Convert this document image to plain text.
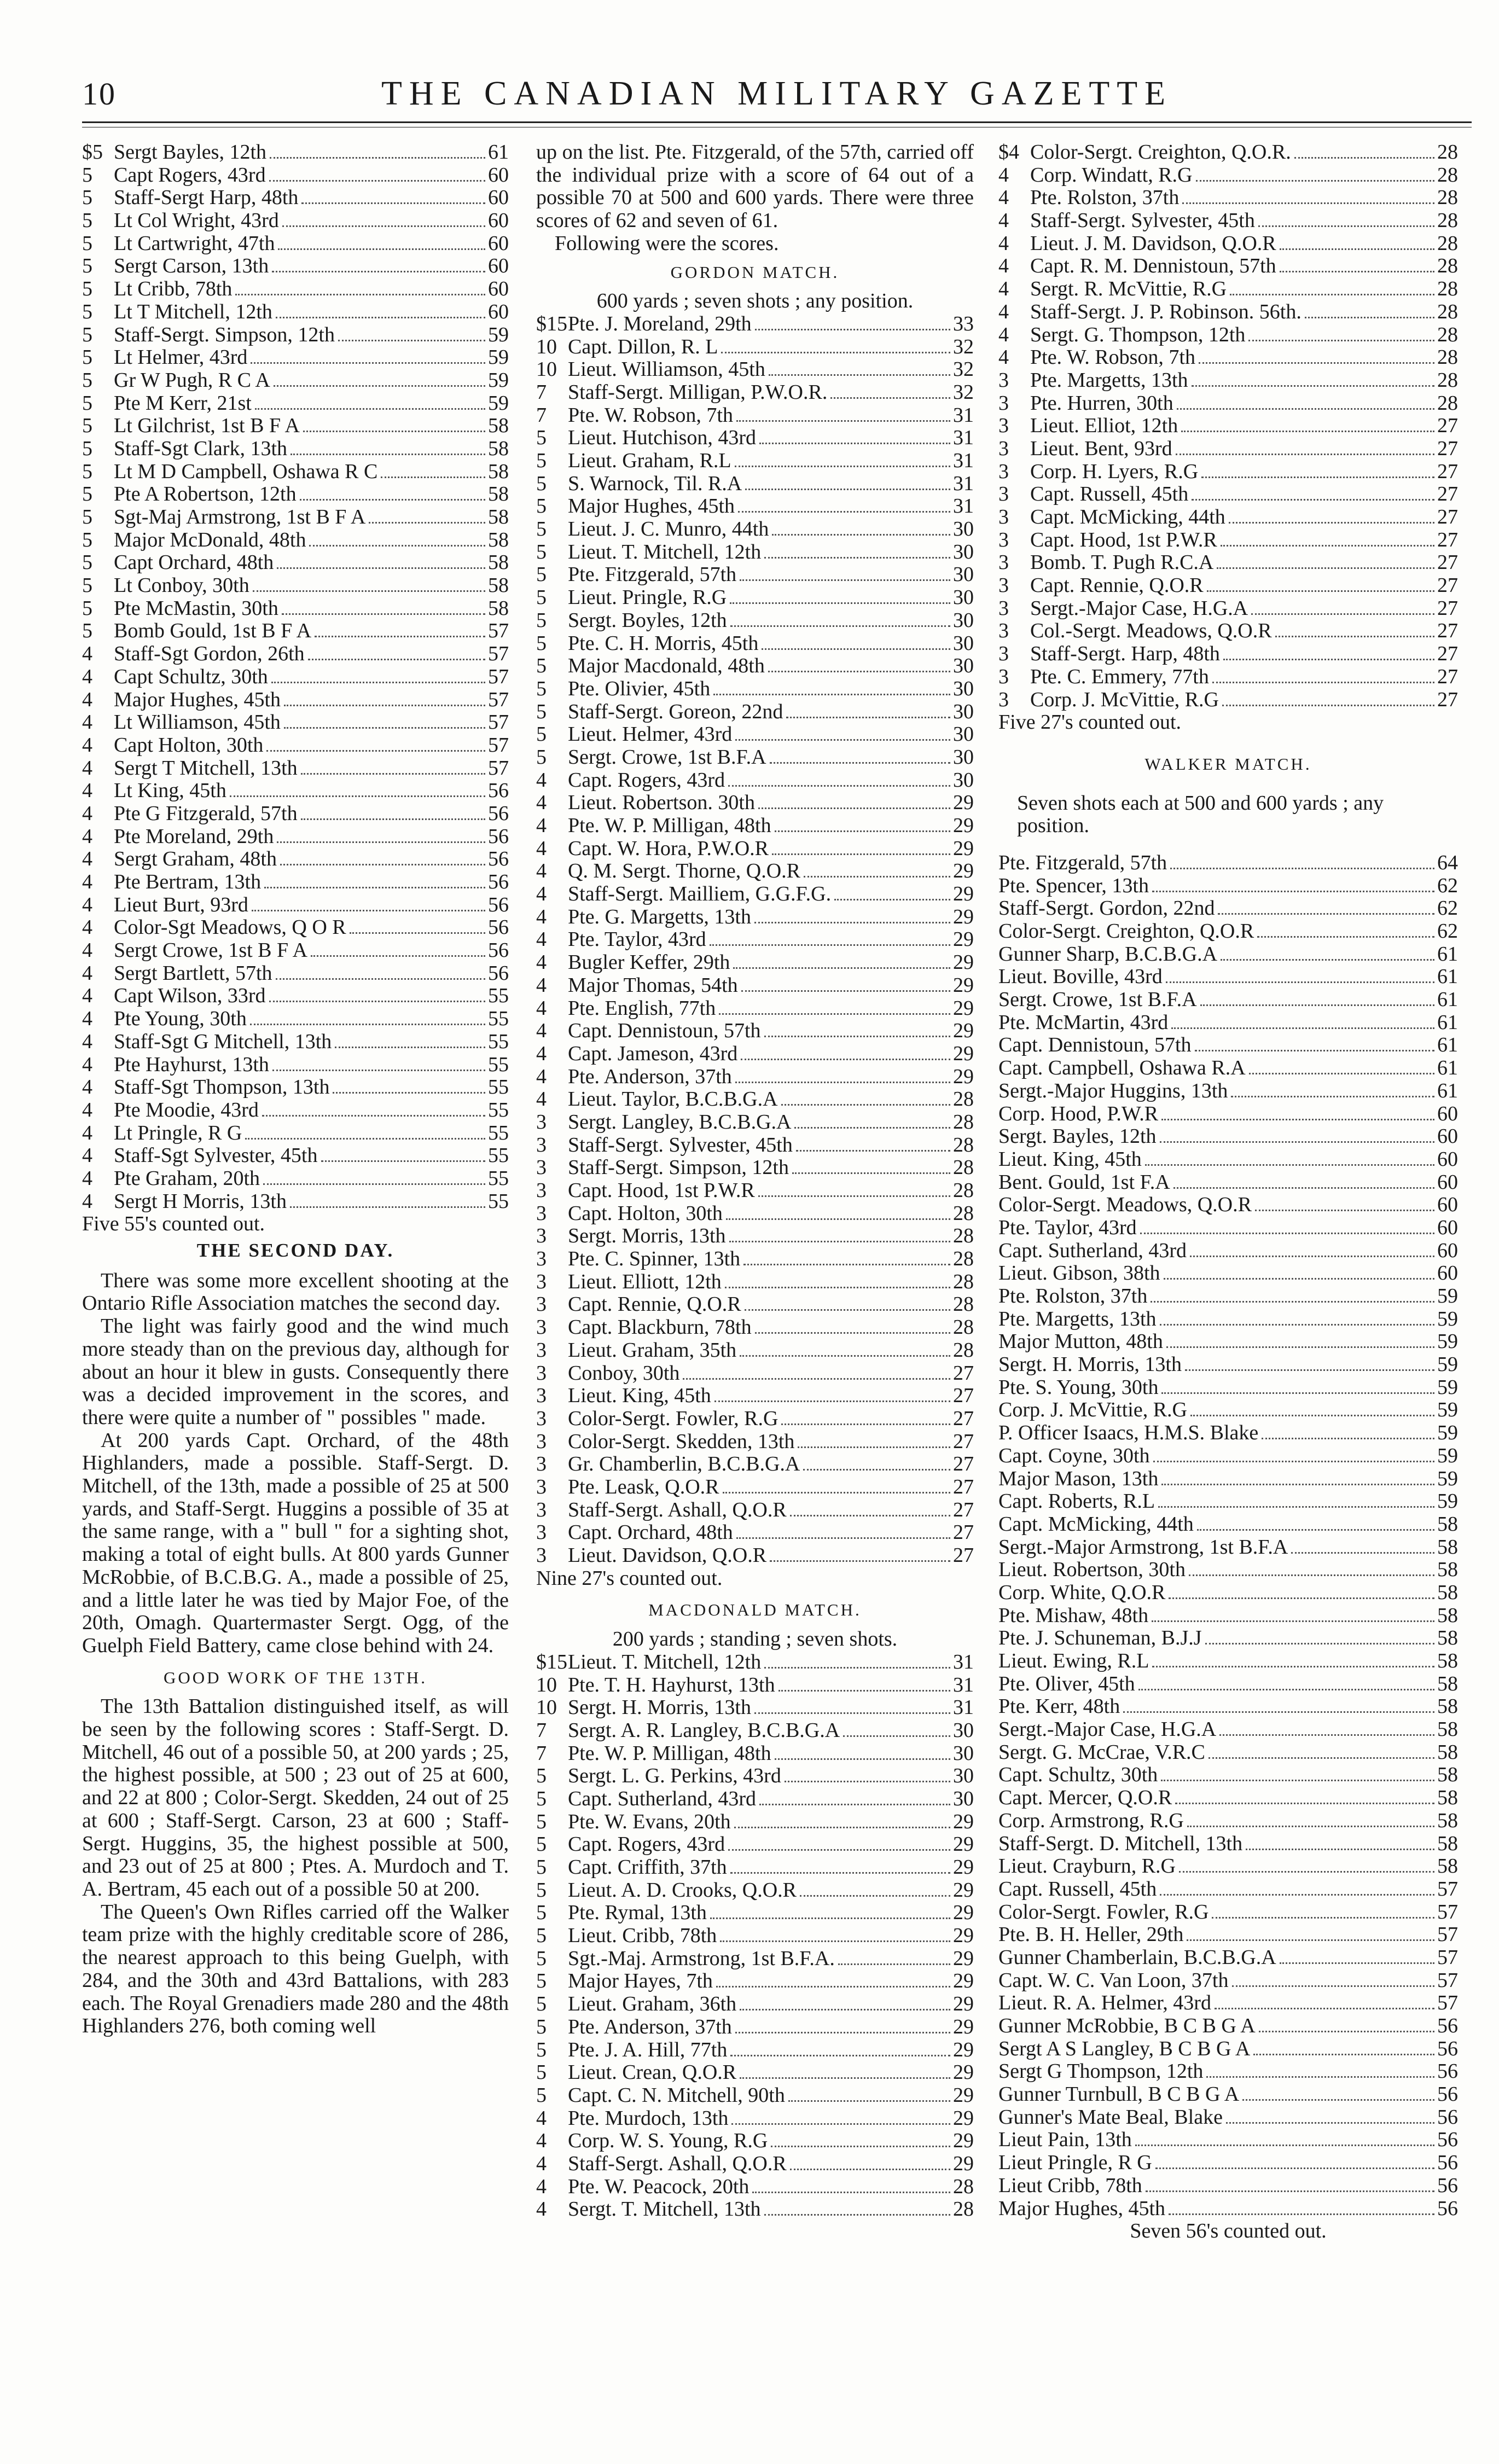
10	THE CANADIAN MILITARY GAZETTE
$5 Sergt Bayles, 12th	61
5	Capt Rogers, 43rd	60
5	Staff-Sergt Harp, 48th	60
5	Lt Col Wright, 43rd	60
5	Lt Cartwright, 47th	60
5	Sergt Carson, 13th	60
5	Lt Cribb, 78th	60
5	Lt T Mitchell, 12th	60
5	Staff-Sergt. Simpson, 12th	59
5	Lt Helmer, 43rd	59
5	Gr W Pugh, R C A	59
5	Pte M Kerr, 21st	59
5	Lt Gilchrist, 1st B F A	58
5	Staff-Sgt Clark, 13th	58
5	Lt M D Campbell, Oshawa R C	58
5	Pte A Robertson, 12th	58
5	Sgt-Maj Armstrong, 1st B F A	58
5	Major McDonald, 48th	58
5	Capt Orchard, 48th	58
5	Lt Conboy, 30th	58
5	Pte McMastin, 30th	58
5	Bomb Gould, 1st B F A	57
4	Staff-Sgt Gordon, 26th	57
4	Capt Schultz, 30th	57
4	Major Hughes, 45th	57
4	Lt Williamson, 45th	57
4	Capt Holton, 30th	57
4	Sergt T Mitchell, 13th	57
4	Lt King, 45th	56
4	Pte G Fitzgerald, 57th	56
4	Pte Moreland, 29th	56
4	Sergt Graham, 48th	56
4	Pte Bertram, 13th	56
4	Lieut Burt, 93rd	56
4	Color-Sgt Meadows, Q O R	56
4	Sergt Crowe, 1st B F A	56
4	Sergt Bartlett, 57th	56
4	Capt Wilson, 33rd	55
4	Pte Young, 30th	55
4	Staff-Sgt G Mitchell, 13th	55
4	Pte Hayhurst, 13th	55
4	Staff-Sgt Thompson, 13th	55
4	Pte Moodie, 43rd	55
4	Lt Pringle, R G	55
4	Staff-Sgt Sylvester, 45th	55
4	Pte Graham, 20th	55
4	Sergt H Morris, 13th	55
Five 55's counted out.
THE SECOND DAY.

There was some more excellent shooting at the Ontario Rifle Association matches the second day.

The light was fairly good and the wind much more steady than on the previous day, although for about an hour it blew in gusts. Consequently there was a decided improvement in the scores, and there were quite a number of " possibles " made.

At 200 yards Capt. Orchard, of the 48th Highlanders, made a possible. Staff-Sergt. D. Mitchell, of the 13th, made a possible of 25 at 500 yards, and Staff-Sergt. Huggins a possible of 35 at the same range, with a " bull " for a sighting shot, making a total of eight bulls. At 800 yards Gunner McRobbie, of B.C.B.G. A., made a possible of 25, and a little later he was tied by Major Foe, of the 20th, Omagh. Quartermaster Sergt. Ogg, of the Guelph Field Battery, came close behind with 24.

GOOD WORK OF THE 13TH.

The 13th Battalion distinguished itself, as will be seen by the following scores : Staff-Sergt. D. Mitchell, 46 out of a possible 50, at 200 yards ; 25, the highest possible, at 500 ; 23 out of 25 at 600, and 22 at 800 ; Color-Sergt. Skedden, 24 out of 25 at 600 ; Staff-Sergt. Carson, 23 at 600 ; Staff-Sergt. Huggins, 35, the highest possible at 500, and 23 out of 25 at 800 ; Ptes. A. Murdoch and T. A. Bertram, 45 each out of a possible 50 at 200.

The Queen's Own Rifles carried off the Walker team prize with the highly creditable score of 286, the nearest approach to this being Guelph, with 284, and the 30th and 43rd Battalions, with 283 each. The Royal Grenadiers made 280 and the 48th Highlanders 276, both coming well

up on the list. Pte. Fitzgerald, of the 57th, carried off the individual prize with a score of 64 out of a possible 70 at 500 and 600 yards. There were three scores of 62 and seven of 61.

Following were the scores.

GORDON MATCH.
600 yards ; seven shots ; any position.
$15 Pte. J. Moreland, 29th	33
10 Capt. Dillon, R. L	32
10 Lieut. Williamson, 45th	32
7	Staff-Sergt. Milligan, P.W.O.R.	32
7	Pte. W. Robson, 7th	31
5	Lieut. Hutchison, 43rd	31
5	Lieut. Graham, R.L	31
5	S. Warnock, Til. R.A	31
5	Major Hughes, 45th	31
5	Lieut. J. C. Munro, 44th	30
5	Lieut. T. Mitchell, 12th	30
5	Pte. Fitzgerald, 57th	30
5	Lieut. Pringle, R.G	30
5	Sergt. Boyles, 12th	30
5	Pte. C. H. Morris, 45th	30
5	Major Macdonald, 48th	30
5	Pte. Olivier, 45th	30
5	Staff-Sergt. Goreon, 22nd	30
5	Lieut. Helmer, 43rd	30
5	Sergt. Crowe, 1st B.F.A	30
4	Capt. Rogers, 43rd	30
4	Lieut. Robertson. 30th	29
4	Pte. W. P. Milligan, 48th	29
4	Capt. W. Hora, P.W.O.R	29
4	Q. M. Sergt. Thorne, Q.O.R	29
4	Staff-Sergt. Mailliem, G.G.F.G.	29
4	Pte. G. Margetts, 13th	29
4	Pte. Taylor, 43rd	29
4	Bugler Keffer, 29th	29
4	Major Thomas, 54th	29
4	Pte. English, 77th	29
4	Capt. Dennistoun, 57th	29
4	Capt. Jameson, 43rd	29
4	Pte. Anderson, 37th	29
4	Lieut. Taylor, B.C.B.G.A	28
3	Sergt. Langley, B.C.B.G.A	28
3	Staff-Sergt. Sylvester, 45th	28
3	Staff-Sergt. Simpson, 12th	28
3	Capt. Hood, 1st P.W.R	28
3	Capt. Holton, 30th	28
3	Sergt. Morris, 13th	28
3	Pte. C. Spinner, 13th	28
3	Lieut. Elliott, 12th	28
3	Capt. Rennie, Q.O.R	28
3	Capt. Blackburn, 78th	28
3	Lieut. Graham, 35th	28
3	Conboy, 30th	27
3	Lieut. King, 45th	27
3	Color-Sergt. Fowler, R.G	27
3	Color-Sergt. Skedden, 13th	27
3	Gr. Chamberlin, B.C.B.G.A	27
3	Pte. Leask, Q.O.R	27
3	Staff-Sergt. Ashall, Q.O.R	27
3	Capt. Orchard, 48th	27
3	Lieut. Davidson, Q.O.R	27
Nine 27's counted out.
MACDONALD MATCH.
200 yards ; standing ; seven shots.
$15 Lieut. T. Mitchell, 12th	31
10 Pte. T. H. Hayhurst, 13th	31
10 Sergt. H. Morris, 13th	31
7	Sergt. A. R. Langley, B.C.B.G.A	30
7	Pte. W. P. Milligan, 48th	30
5	Sergt. L. G. Perkins, 43rd	30
5	Capt. Sutherland, 43rd	30
5	Pte. W. Evans, 20th	29
5	Capt. Rogers, 43rd	29
5	Capt. Criffith, 37th	29
5	Lieut. A. D. Crooks, Q.O.R	29
5	Pte. Rymal, 13th	29
5	Lieut. Cribb, 78th	29
5	Sgt.-Maj. Armstrong, 1st B.F.A.	29
5	Major Hayes, 7th	29
5	Lieut. Graham, 36th	29
5	Pte. Anderson, 37th	29
5	Pte. J. A. Hill, 77th	29
5	Lieut. Crean, Q.O.R	29
5	Capt. C. N. Mitchell, 90th	29
4	Pte. Murdoch, 13th	29
4	Corp. W. S. Young, R.G	29
4	Staff-Sergt. Ashall, Q.O.R	29
4	Pte. W. Peacock, 20th	28
4	Sergt. T. Mitchell, 13th	28
$4 Color-Sergt. Creighton, Q.O.R.	28
4	Corp. Windatt, R.G	28
4	Pte. Rolston, 37th	28
4	Staff-Sergt. Sylvester, 45th	28
4	Lieut. J. M. Davidson, Q.O.R	28
4	Capt. R. M. Dennistoun, 57th	28
4	Sergt. R. McVittie, R.G	28
4	Staff-Sergt. J. P. Robinson. 56th.	28
4	Sergt. G. Thompson, 12th	28
4	Pte. W. Robson, 7th	28
3	Pte. Margetts, 13th	28
3	Pte. Hurren, 30th	28
3	Lieut. Elliot, 12th	27
3	Lieut. Bent, 93rd	27
3	Corp. H. Lyers, R.G	27
3	Capt. Russell, 45th	27
3	Capt. McMicking, 44th	27
3	Capt. Hood, 1st P.W.R	27
3	Bomb. T. Pugh R.C.A	27
3	Capt. Rennie, Q.O.R	27
3	Sergt.-Major Case, H.G.A	27
3	Col.-Sergt. Meadows, Q.O.R	27
3	Staff-Sergt. Harp, 48th	27
3	Pte. C. Emmery, 77th	27
3	Corp. J. McVittie, R.G	27
Five 27's counted out.
WALKER MATCH.

Seven shots each at 500 and 600 yards ; any position.

Pte. Fitzgerald, 57th	64
Pte. Spencer, 13th	62
Staff-Sergt. Gordon, 22nd	62
Color-Sergt. Creighton, Q.O.R	62
Gunner Sharp, B.C.B.G.A	61
Lieut. Boville, 43rd	61
Sergt. Crowe, 1st B.F.A	61
Pte. McMartin, 43rd	61
Capt. Dennistoun, 57th	61
Capt. Campbell, Oshawa R.A	61
Sergt.-Major Huggins, 13th	61
Corp. Hood, P.W.R	60
Sergt. Bayles, 12th	60
Lieut. King, 45th	60
Bent. Gould, 1st F.A	60
Color-Sergt. Meadows, Q.O.R	60
Pte. Taylor, 43rd	60
Capt. Sutherland, 43rd	60
Lieut. Gibson, 38th	60
Pte. Rolston, 37th	59
Pte. Margetts, 13th	59
Major Mutton, 48th	59
Sergt. H. Morris, 13th	59
Pte. S. Young, 30th	59
Corp. J. McVittie, R.G	59
P. Officer Isaacs, H.M.S. Blake	59
Capt. Coyne, 30th	59
Major Mason, 13th	59
Capt. Roberts, R.L	59
Capt. McMicking, 44th	58
Sergt.-Major Armstrong, 1st B.F.A	58
Lieut. Robertson, 30th	58
Corp. White, Q.O.R	58
Pte. Mishaw, 48th	58
Pte. J. Schuneman, B.J.J	58
Lieut. Ewing, R.L	58
Pte. Oliver, 45th	58
Pte. Kerr, 48th	58
Sergt.-Major Case, H.G.A	58
Sergt. G. McCrae, V.R.C	58
Capt. Schultz, 30th	58
Capt. Mercer, Q.O.R	58
Corp. Armstrong, R.G	58
Staff-Sergt. D. Mitchell, 13th	58
Lieut. Crayburn, R.G	58
Capt. Russell, 45th	57
Color-Sergt. Fowler, R.G	57
Pte. B. H. Heller, 29th	57
Gunner Chamberlain, B.C.B.G.A	57
Capt. W. C. Van Loon, 37th	57
Lieut. R. A. Helmer, 43rd	57
Gunner McRobbie, B C B G A	56
Sergt A S Langley, B C B G A	56
Sergt G Thompson, 12th	56
Gunner Turnbull, B C B G A	56
Gunner's Mate Beal, Blake	56
Lieut Pain, 13th	56
Lieut Pringle, R G	56
Lieut Cribb, 78th	56
Major Hughes, 45th	56
Seven 56's counted out.
